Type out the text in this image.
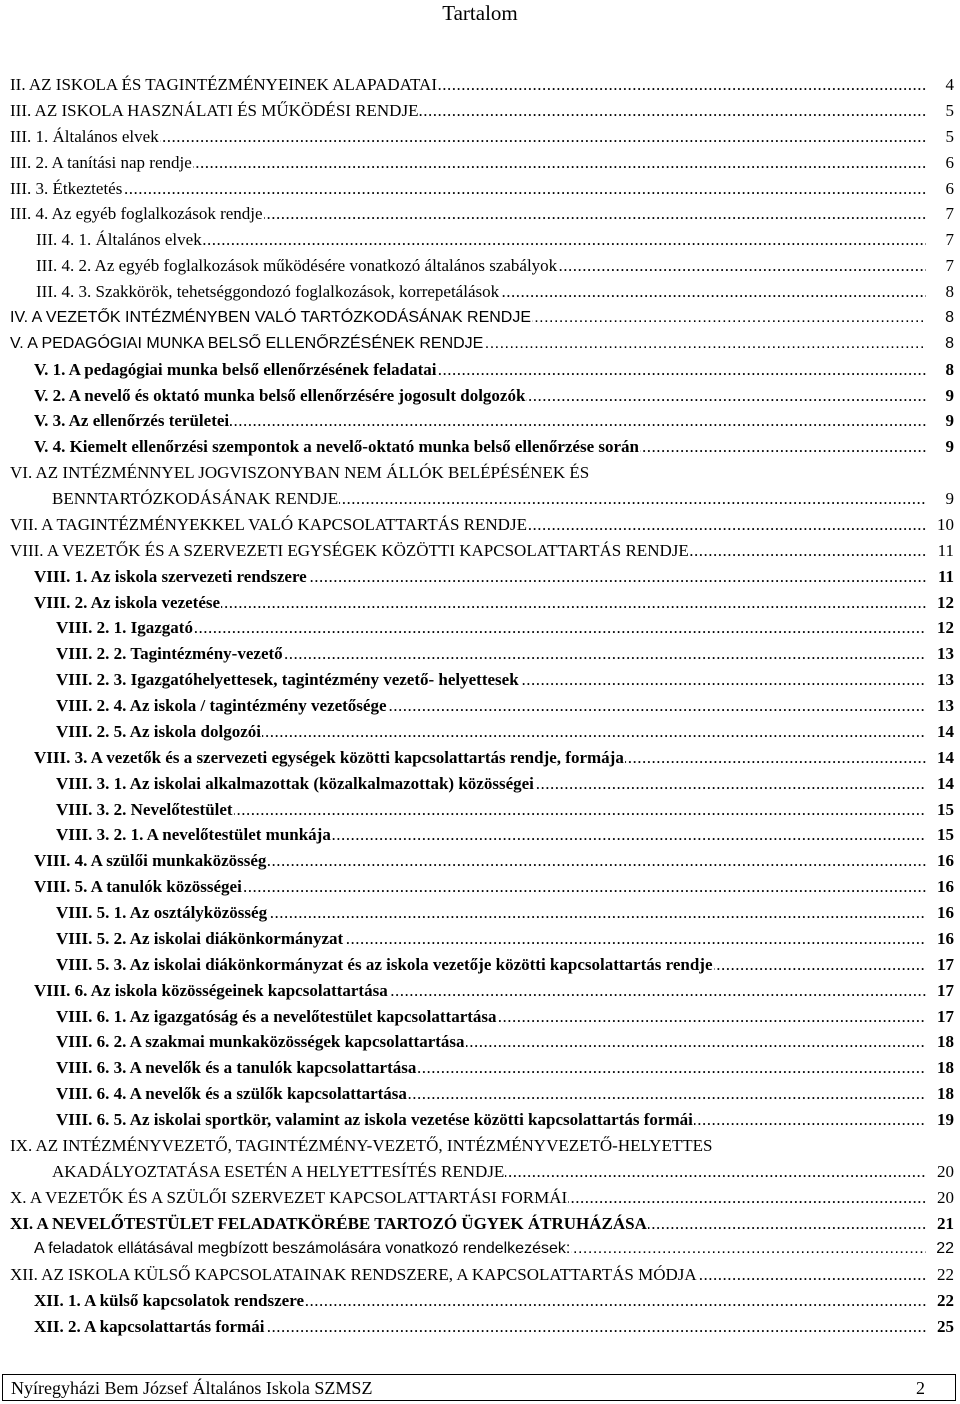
Tartalom
.....
II. AZ ISKOLA ÉS TAGINTÉZMÉNYEINEK ALAPADATAI	4
.....
III. AZ ISKOLA HASZNÁLATI ÉS MŰKÖDÉSI RENDJE	5
.....
III. 1. Általános elvek	5
.....
III. 2. A tanítási nap rendje	6
.....
III. 3. Étkeztetés	6
.....
III. 4. Az egyéb foglalkozások rendje	7
.....
III. 4. 1. Általános elvek	7
.....
III. 4. 2. Az egyéb foglalkozások működésére vonatkozó általános szabályok	7
.....
III. 4. 3. Szakkörök, tehetséggondozó foglalkozások, korrepetálások	8
.....
IV. A VEZETŐK INTÉZMÉNYBEN VALÓ TARTÓZKODÁSÁNAK RENDJE	8
.....
V. A PEDAGÓGIAI MUNKA BELSŐ ELLENŐRZÉSÉNEK RENDJE	8
.....
V. 1. A pedagógiai munka belső ellenőrzésének feladatai	8
.....
V. 2. A nevelő és oktató munka belső ellenőrzésére jogosult dolgozók	9
.....
V. 3. Az ellenőrzés területei	9
.....
V. 4. Kiemelt ellenőrzési szempontok a nevelő-oktató munka belső ellenőrzése során	9
VI. AZ INTÉZMÉNNYEL JOGVISZONYBAN NEM ÁLLÓK BELÉPÉSÉNEK ÉS
.....
BENNTARTÓZKODÁSÁNAK RENDJE	9
.....
VII. A TAGINTÉZMÉNYEKKEL VALÓ KAPCSOLATTARTÁS RENDJE	10
.....
VIII. A VEZETŐK ÉS A SZERVEZETI EGYSÉGEK KÖZÖTTI KAPCSOLATTARTÁS RENDJE	11
.....
VIII. 1. Az iskola szervezeti rendszere	11
.....
VIII. 2. Az iskola vezetése	12
.....
VIII. 2. 1. Igazgató	12
.....
VIII. 2. 2. Tagintézmény-vezető	13
.....
VIII. 2. 3. Igazgatóhelyettesek, tagintézmény vezető- helyettesek	13
.....
VIII. 2. 4. Az iskola / tagintézmény vezetősége	13
.....
VIII. 2. 5. Az iskola dolgozói	14
.....
VIII. 3. A vezetők és a szervezeti egységek közötti kapcsolattartás rendje, formája	14
.....
VIII. 3. 1. Az iskolai alkalmazottak (közalkalmazottak) közösségei	14
.....
VIII. 3. 2. Nevelőtestület	15
.....
VIII. 3. 2. 1. A nevelőtestület munkája	15
.....
VIII. 4. A szülői munkaközösség	16
.....
VIII. 5. A tanulók közösségei	16
.....
VIII. 5. 1. Az osztályközösség	16
.....
VIII. 5. 2. Az iskolai diákönkormányzat	16
.....
VIII. 5. 3. Az iskolai diákönkormányzat és az iskola vezetője közötti kapcsolattartás rendje	17
.....
VIII. 6. Az iskola közösségeinek kapcsolattartása	17
.....
VIII. 6. 1. Az igazgatóság és a nevelőtestület kapcsolattartása	17
.....
VIII. 6. 2. A szakmai munkaközösségek kapcsolattartása	18
.....
VIII. 6. 3. A nevelők és a tanulók kapcsolattartása	18
.....
VIII. 6. 4. A nevelők és a szülők kapcsolattartása	18
.....
VIII. 6. 5. Az iskolai sportkör, valamint az iskola vezetése közötti kapcsolattartás formái	19
IX. AZ INTÉZMÉNYVEZETŐ, TAGINTÉZMÉNY-VEZETŐ, INTÉZMÉNYVEZETŐ-HELYETTES
.....
AKADÁLYOZTATÁSA ESETÉN A HELYETTESÍTÉS RENDJE	20
.....
X. A VEZETŐK ÉS A SZÜLŐI SZERVEZET KAPCSOLATTARTÁSI FORMÁI	20
.....
XI. A NEVELŐTESTÜLET FELADATKÖRÉBE TARTOZÓ ÜGYEK ÁTRUHÁZÁSA	21
.....
A feladatok ellátásával megbízott beszámolására vonatkozó rendelkezések:	22
.....
XII. AZ ISKOLA KÜLSŐ KAPCSOLATAINAK RENDSZERE, A KAPCSOLATTARTÁS MÓDJA	22
.....
XII. 1. A külső kapcsolatok rendszere	22
.....
XII. 2. A kapcsolattartás formái	25
Nyíregyházi Bem József Általános Iskola SZMSZ	2
